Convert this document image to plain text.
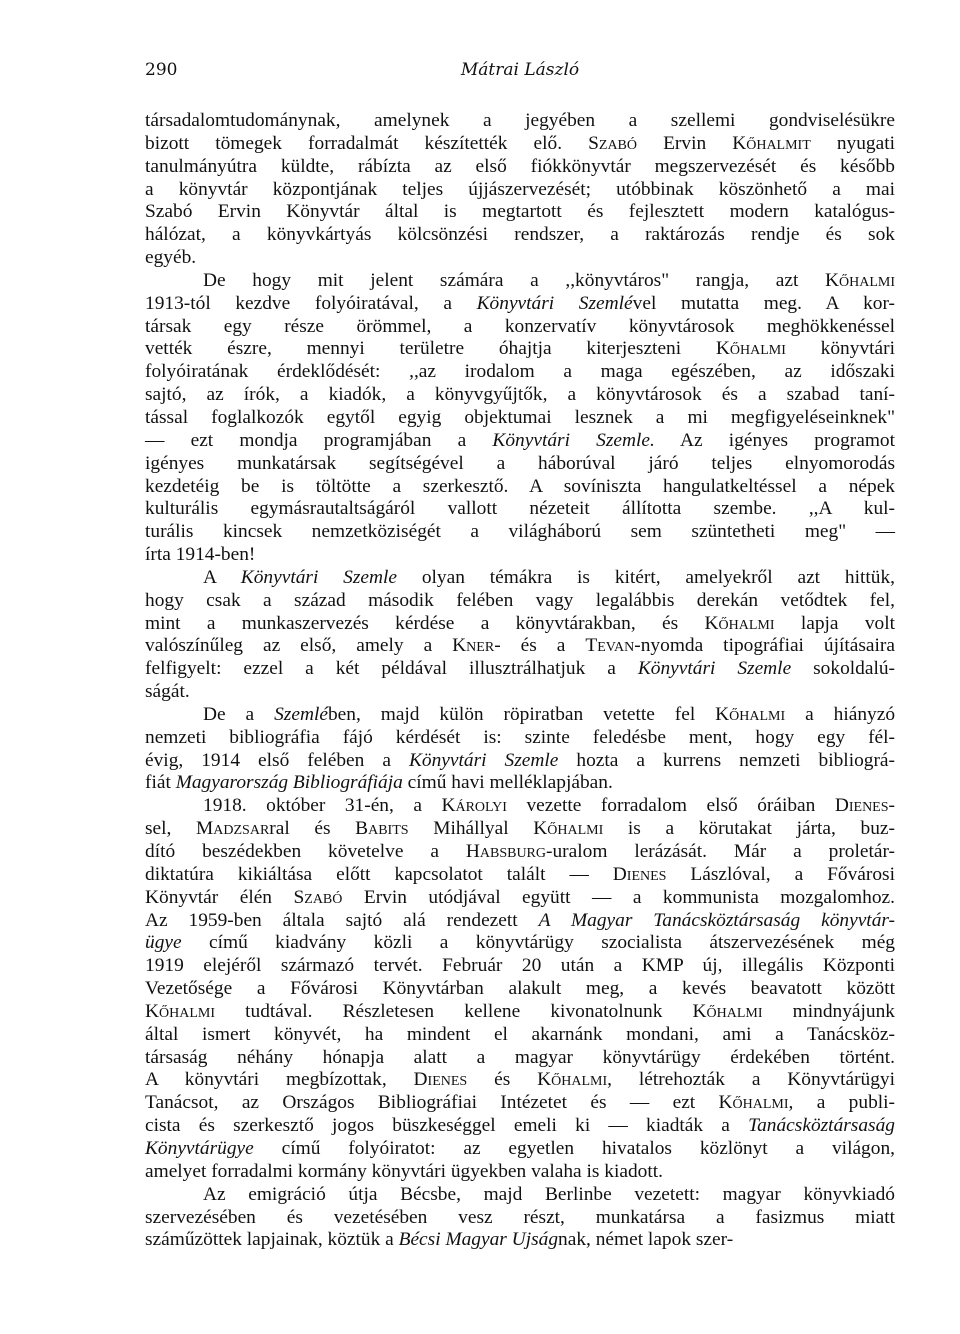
290	Mátrai László
társadalomtudománynak, amelynek a jegyében a szellemi gondviselésükre
bizott tömegek forradalmát készítették elő. Szabó Ervin Kőhalmit nyugati
tanulmányútra küldte, rábízta az első fiókkönyvtár megszervezését és később
a könyvtár központjának teljes újjászervezését; utóbbinak köszönhető a mai
Szabó Ervin Könyvtár által is megtartott és fejlesztett modern katalógus-
hálózat, a könyvkártyás kölcsönzési rendszer, a raktározás rendje és sok
egyéb.
De hogy mit jelent számára a ,,könyvtáros" rangja, azt Kőhalmi
1913-tól kezdve folyóiratával, a Könyvtári Szemlével mutatta meg. A kor-
társak egy része örömmel, a konzervatív könyvtárosok meghökkenéssel
vették észre, mennyi területre óhajtja kiterjeszteni Kőhalmi könyvtári
folyóiratának érdeklődését: ,,az irodalom a maga egészében, az időszaki
sajtó, az írók, a kiadók, a könyvgyűjtők, a könyvtárosok és a szabad taní-
tással foglalkozók egytől egyig objektumai lesznek a mi megfigyeléseinknek"
— ezt mondja programjában a Könyvtári Szemle. Az igényes programot
igényes munkatársak segítségével a háborúval járó teljes elnyomorodás
kezdetéig be is töltötte a szerkesztő. A sovíniszta hangulatkeltéssel a népek
kulturális egymásrautaltságáról vallott nézeteit állította szembe. ,,A kul-
turális kincsek nemzetköziségét a világháború sem szüntetheti meg" —
írta 1914-ben!
A Könyvtári Szemle olyan témákra is kitért, amelyekről azt hittük,
hogy csak a század második felében vagy legalábbis derekán vetődtek fel,
mint a munkaszervezés kérdése a könyvtárakban, és Kőhalmi lapja volt
valószínűleg az első, amely a Kner- és a Tevan-nyomda tipográfiai újításaira
felfigyelt: ezzel a két példával illusztrálhatjuk a Könyvtári Szemle sokoldalú-
ságát.
De a Szemlében, majd külön röpiratban vetette fel Kőhalmi a hiányzó
nemzeti bibliográfia fájó kérdését is: szinte feledésbe ment, hogy egy fél-
évig, 1914 első felében a Könyvtári Szemle hozta a kurrens nemzeti bibliográ-
fiát Magyarország Bibliográfiája című havi melléklapjában.
1918. október 31-én, a Károlyi vezette forradalom első óráiban Dienes-
sel, Madzsarral és Babits Mihállyal Kőhalmi is a körutakat járta, buz-
dító beszédekben követelve a Habsburg-uralom lerázását. Már a proletár-
diktatúra kikiáltása előtt kapcsolatot talált — Dienes Lászlóval, a Fővárosi
Könyvtár élén Szabó Ervin utódjával együtt — a kommunista mozgalomhoz.
Az 1959-ben általa sajtó alá rendezett A Magyar Tanácsköztársaság könyvtár-
ügye című kiadvány közli a könyvtárügy szocialista átszervezésének még
1919 elejéről származó tervét. Február 20 után a KMP új, illegális Központi
Vezetősége a Fővárosi Könyvtárban alakult meg, a kevés beavatott között
Kőhalmi tudtával. Részletesen kellene kivonatolnunk Kőhalmi mindnyájunk
által ismert könyvét, ha mindent el akarnánk mondani, ami a Tanácsköz-
társaság néhány hónapja alatt a magyar könyvtárügy érdekében történt.
A könyvtári megbízottak, Dienes és Kőhalmi, létrehozták a Könyvtárügyi
Tanácsot, az Országos Bibliográfiai Intézetet és — ezt Kőhalmi, a publi-
cista és szerkesztő jogos büszkeséggel emeli ki — kiadták a Tanácsköztársaság
Könyvtárügye című folyóiratot: az egyetlen hivatalos közlönyt a világon,
amelyet forradalmi kormány könyvtári ügyekben valaha is kiadott.
Az emigráció útja Bécsbe, majd Berlinbe vezetett: magyar könyvkiadó
szervezésében és vezetésében vesz részt, munkatársa a fasizmus miatt
száműzöttek lapjainak, köztük a Bécsi Magyar Ujságnak, német lapok szer-
